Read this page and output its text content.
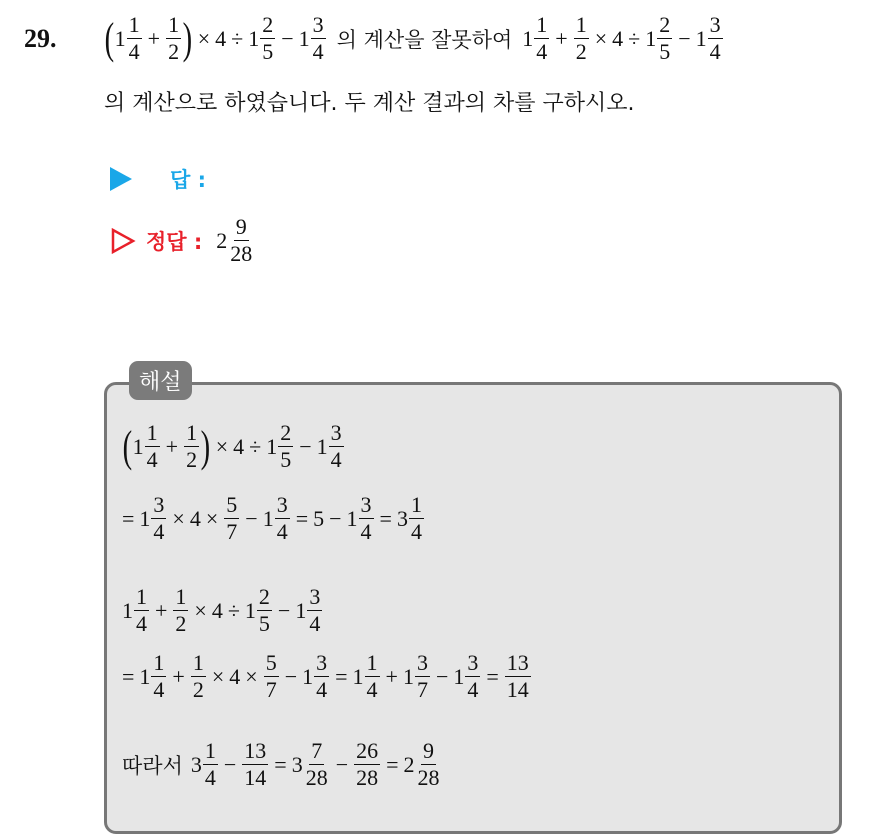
29. ( $1 \frac{1}{4} + \frac{1}{2}$ ) × $4 \div 1 \frac{2}{5} - 1 \frac{3}{4}$ 의 계산을 잘못하여 $1 \frac{1}{4} + \frac{1}{2} \times 4 \div 1 \frac{2}{5} - 1 \frac{3}{4}$
의 계산으로 하였습니다. 두 계산 결과의 차를 구하시오.
답 :
정답 : $2 \frac{9}{28}$
해설
( $1 \frac{1}{4} + \frac{1}{2}$ ) × $4 \div 1 \frac{2}{5} - 1 \frac{3}{4}$
= $1 \frac{3}{4} \times 4 \times \frac{5}{7} - 1 \frac{3}{4} = 5 - 1 \frac{3}{4} = 3 \frac{1}{4}$
$1 \frac{1}{4} + \frac{1}{2} \times 4 \div 1 \frac{2}{5} - 1 \frac{3}{4}$
= $1 \frac{1}{4} + \frac{1}{2} \times 4 \times \frac{5}{7} - 1 \frac{3}{4} = 1 \frac{1}{4} + 1 \frac{3}{7} - 1 \frac{3}{4} = \frac{13}{14}$
따라서 $3 \frac{1}{4} - \frac{13}{14} = 3 \frac{7}{28} - \frac{26}{28} = 2 \frac{9}{28}$
